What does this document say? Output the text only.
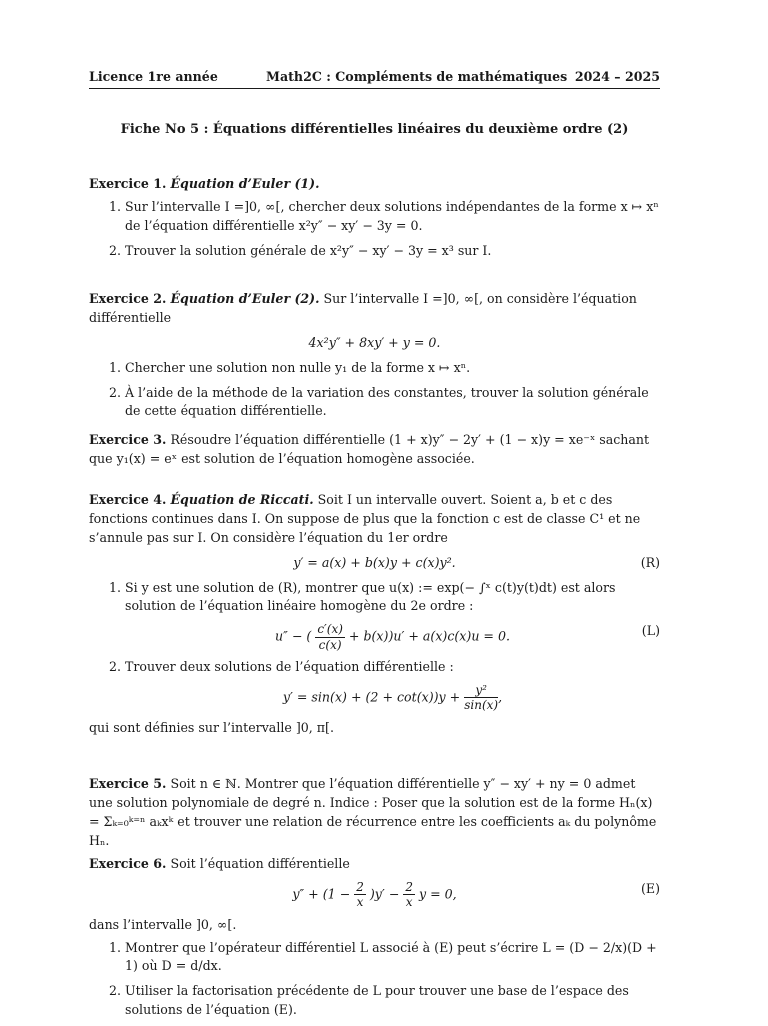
Licence 1re année	Math2C : Compléments de mathématiques 2024 – 2025
Fiche No 5 : Équations différentielles linéaires du deuxième ordre (2)

Exercice 1. Équation d’Euler (1).

1. Sur l’intervalle I =]0, ∞[, chercher deux solutions indépendantes de la forme x ↦ xⁿ de l’équation différentielle x²y″ − xy′ − 3y = 0.
2. Trouver la solution générale de x²y″ − xy′ − 3y = x³ sur I.

Exercice 2. Équation d’Euler (2). Sur l’intervalle I =]0, ∞[, on considère l’équation différentielle

4x²y″ + 8xy′ + y = 0.
1. Chercher une solution non nulle y₁ de la forme x ↦ xⁿ.
2. À l’aide de la méthode de la variation des constantes, trouver la solution générale de cette équation différentielle.

Exercice 3. Résoudre l’équation différentielle (1 + x)y″ − 2y′ + (1 − x)y = xe⁻ˣ sachant que y₁(x) = eˣ est solution de l’équation homogène associée.

Exercice 4. Équation de Riccati. Soit I un intervalle ouvert. Soient a, b et c des fonctions continues dans I. On suppose de plus que la fonction c est de classe C¹ et ne s’annule pas sur I. On considère l’équation du 1er ordre

y′ = a(x) + b(x)y + c(x)y².	(R)
1. Si y est une solution de (R), montrer que u(x) := exp(− ∫ˣ c(t)y(t)dt) est alors solution de l’équation linéaire homogène du 2e ordre :
u″ − ( $\frac{c'(x)}{c(x)} + b(x))u' + a(x)c(x)u = 0$.	(L)
2. Trouver deux solutions de l’équation différentielle :
$y' = \sin(x) + (2 + \cot(x))y + \frac{\text{y²}}{\sin(x)}$ ,

qui sont définies sur l’intervalle ]0, π[.

Exercice 5. Soit n ∈ ℕ. Montrer que l’équation différentielle y″ − xy′ + ny = 0 admet une solution polynomiale de degré n. Indice : Poser que la solution est de la forme Hₙ(x) = Σₖ₌₀ᵏ⁼ⁿ aₖxᵏ et trouver une relation de récurrence entre les coefficients aₖ du polynôme Hₙ.

Exercice 6. Soit l’équation différentielle

$y'' + (1 - \frac{2}{x} )y' - \frac{2}{x}$ y = 0,	(E)

dans l’intervalle ]0, ∞[.

1. Montrer que l’opérateur différentiel L associé à (E) peut s’écrire L = (D − 2/x)(D + 1) où D = d/dx.
2. Utiliser la factorisation précédente de L pour trouver une base de l’espace des solutions de l’équation (E).
